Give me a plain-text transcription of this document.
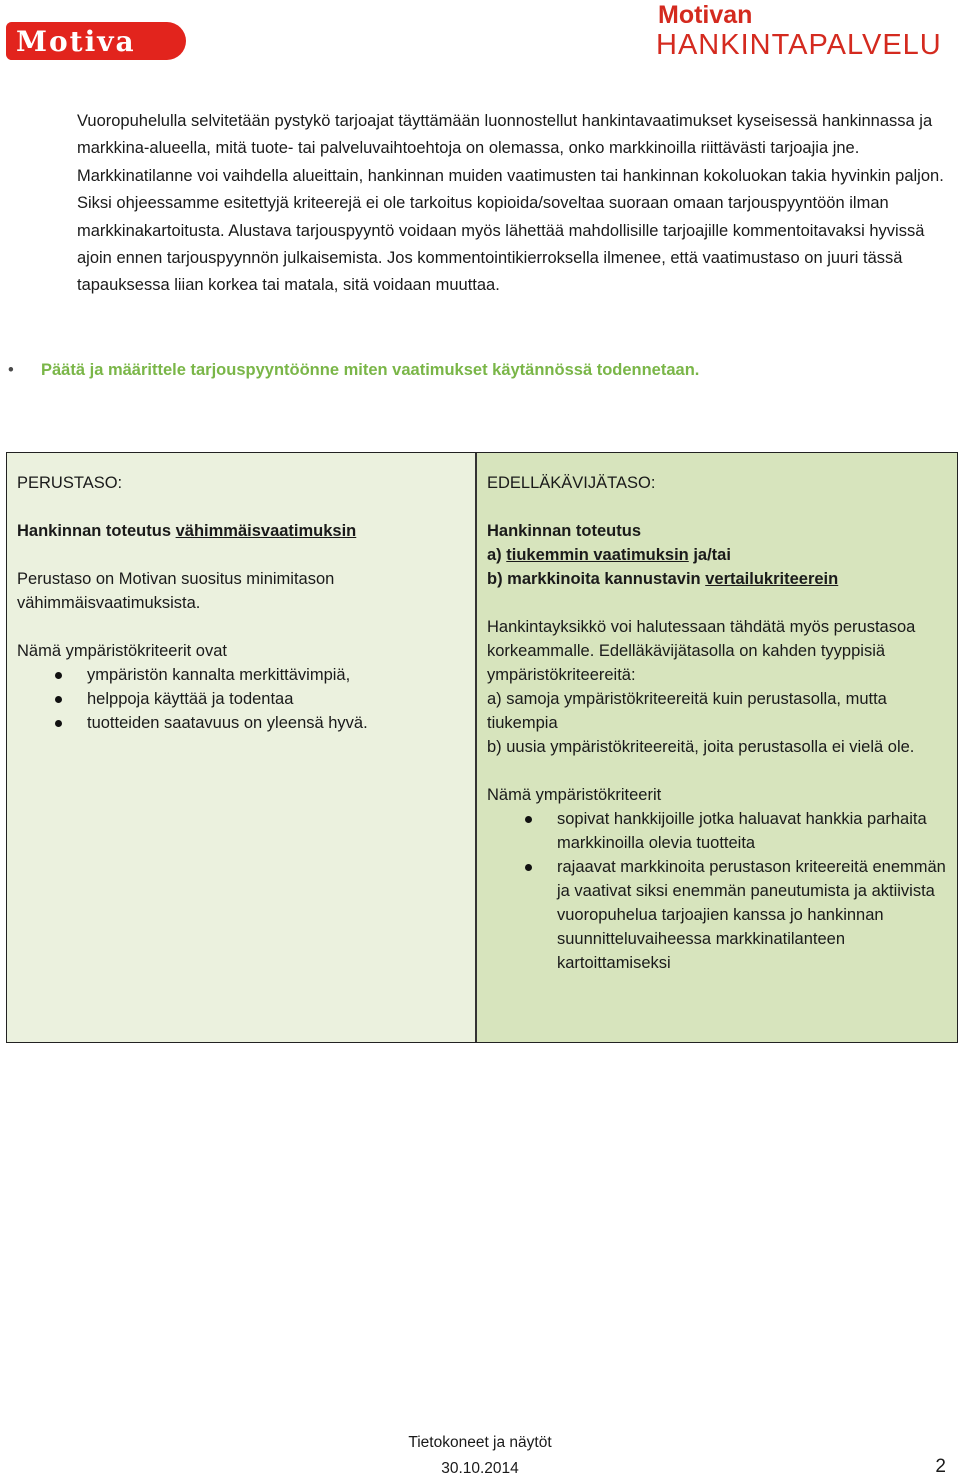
Motiva
Motivan
HANKINTAPALVELU

Vuoropuhelulla selvitetään pystykö tarjoajat täyttämään luonnostellut hankintavaatimukset kyseisessä hankinnassa ja markkina-alueella, mitä tuote- tai palveluvaihtoehtoja on olemassa, onko markkinoilla riittävästi tarjoajia jne. Markkinatilanne voi vaihdella alueittain, hankinnan muiden vaatimusten tai hankinnan kokoluokan takia hyvinkin paljon. Siksi ohjeessamme esitettyjä kriteerejä ei ole tarkoitus kopioida/soveltaa suoraan omaan tarjouspyyntöön ilman markkinakartoitusta. Alustava tarjouspyyntö voidaan myös lähettää mahdollisille tarjoajille kommentoitavaksi hyvissä ajoin ennen tarjouspyynnön julkaisemista. Jos kommentointikierroksella ilmenee, että vaatimustaso on juuri tässä tapauksessa liian korkea tai matala, sitä voidaan muuttaa.

• Päätä ja määrittele tarjouspyyntöönne miten vaatimukset käytännössä todennetaan.

PERUSTASO:

Hankinnan toteutus vähimmäisvaatimuksin

Perustaso on Motivan suositus minimitason vähimmäisvaatimuksista.

Nämä ympäristökriteerit ovat

ympäristön kannalta merkittävimpiä,
helppoja käyttää ja todentaa
tuotteiden saatavuus on yleensä hyvä.

EDELLÄKÄVIJÄTASO:

Hankinnan toteutus

a) tiukemmin vaatimuksin ja/tai

b) markkinoita kannustavin vertailukriteerein

Hankintayksikkö voi halutessaan tähdätä myös perustasoa korkeammalle. Edelläkävijätasolla on kahden tyyppisiä ympäristökriteereitä:

a) samoja ympäristökriteereitä kuin perustasolla, mutta tiukempia

b) uusia ympäristökriteereitä, joita perustasolla ei vielä ole.

Nämä ympäristökriteerit

sopivat hankkijoille jotka haluavat hankkia parhaita markkinoilla olevia tuotteita
rajaavat markkinoita perustason kriteereitä enemmän ja vaativat siksi enemmän paneutumista ja aktiivista vuoropuhelua tarjoajien kanssa jo hankinnan suunnitteluvaiheessa markkinatilanteen kartoittamiseksi
Tietokoneet ja näytöt
30.10.2014	2
